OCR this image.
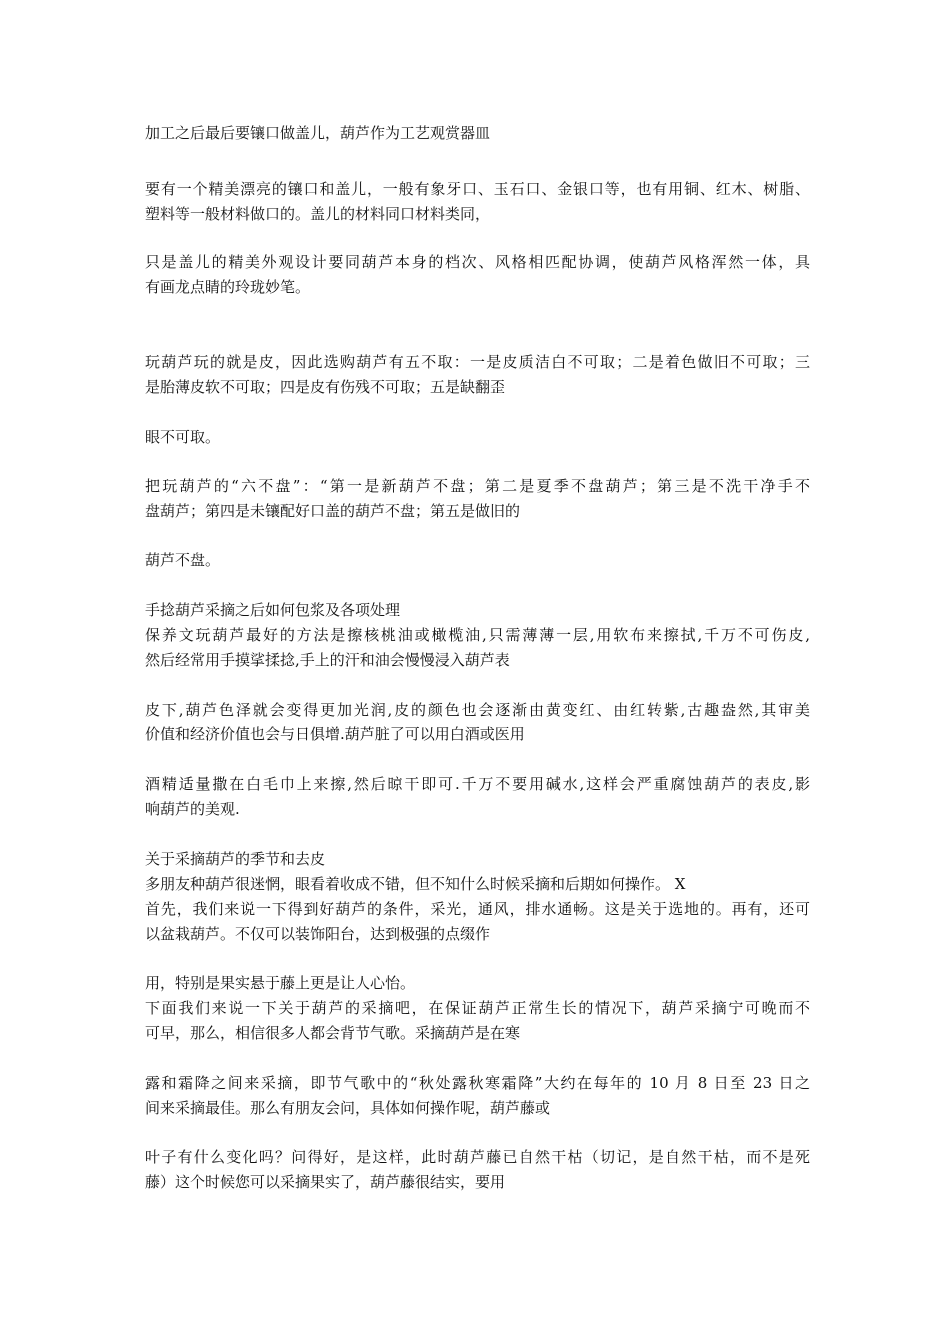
加工之后最后要镶口做盖儿，葫芦作为工艺观赏器皿
要有一个精美漂亮的镶口和盖儿，一般有象牙口、玉石口、金银口等，也有用铜、红木、树脂、
塑料等一般材料做口的。盖儿的材料同口材料类同，
只是盖儿的精美外观设计要同葫芦本身的档次、风格相匹配协调，使葫芦风格浑然一体，具
有画龙点睛的玲珑妙笔。
玩葫芦玩的就是皮，因此选购葫芦有五不取：一是皮质洁白不可取；二是着色做旧不可取；三
是胎薄皮软不可取；四是皮有伤残不可取；五是缺翻歪
眼不可取。
把玩葫芦的“六不盘”：“第一是新葫芦不盘；第二是夏季不盘葫芦；第三是不洗干净手不
盘葫芦；第四是未镶配好口盖的葫芦不盘；第五是做旧的
葫芦不盘。
手捻葫芦采摘之后如何包浆及各项处理
保养文玩葫芦最好的方法是擦核桃油或橄榄油,只需薄薄一层,用软布来擦拭,千万不可伤皮,
然后经常用手摸挲揉捻,手上的汗和油会慢慢浸入葫芦表
皮下,葫芦色泽就会变得更加光润,皮的颜色也会逐渐由黄变红、由红转紫,古趣盎然,其审美
价值和经济价值也会与日俱增.葫芦脏了可以用白酒或医用
酒精适量撒在白毛巾上来擦,然后晾干即可.千万不要用碱水,这样会严重腐蚀葫芦的表皮,影
响葫芦的美观.
关于采摘葫芦的季节和去皮
多朋友种葫芦很迷惘，眼看着收成不错，但不知什么时候采摘和后期如何操作。 X
首先，我们来说一下得到好葫芦的条件，采光，通风，排水通畅。这是关于选地的。再有，还可
以盆栽葫芦。不仅可以装饰阳台，达到极强的点缀作
用，特别是果实悬于藤上更是让人心怡。
下面我们来说一下关于葫芦的采摘吧，在保证葫芦正常生长的情况下，葫芦采摘宁可晚而不
可早，那么，相信很多人都会背节气歌。采摘葫芦是在寒
露和霜降之间来采摘，即节气歌中的“秋处露秋寒霜降”大约在每年的 10 月 8 日至 23 日之
间来采摘最佳。那么有朋友会问，具体如何操作呢，葫芦藤或
叶子有什么变化吗？问得好，是这样，此时葫芦藤已自然干枯（切记，是自然干枯，而不是死
藤）这个时候您可以采摘果实了，葫芦藤很结实，要用
